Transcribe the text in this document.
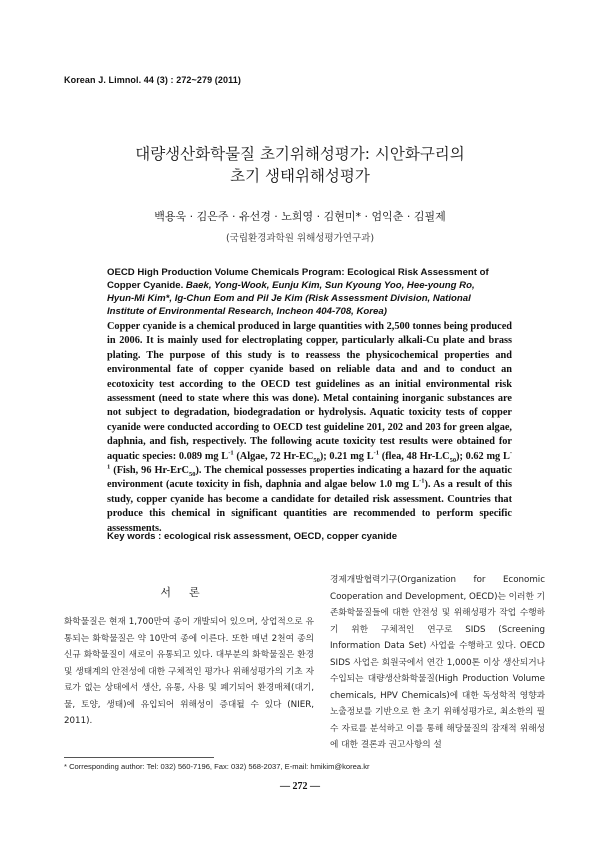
Korean J. Limnol. 44 (3) : 272~279 (2011)
대량생산화학물질 초기위해성평가: 시안화구리의
초기 생태위해성평가
백용욱 · 김은주 · 유선경 · 노희영 · 김현미* · 엄익춘 · 김필제
(국립환경과학원 위해성평가연구과)
OECD High Production Volume Chemicals Program: Ecological Risk Assessment of Copper Cyanide. Baek, Yong-Wook, Eunju Kim, Sun Kyoung Yoo, Hee-young Ro, Hyun-Mi Kim*, Ig-Chun Eom and Pil Je Kim (Risk Assessment Division, National Institute of Environmental Research, Incheon 404-708, Korea)
Copper cyanide is a chemical produced in large quantities with 2,500 tonnes being produced in 2006. It is mainly used for electroplating copper, particularly alkali-Cu plate and brass plating. The purpose of this study is to reassess the physicochemical properties and environmental fate of copper cyanide based on reliable data and and to conduct an ecotoxicity test according to the OECD test guidelines as an initial environmental risk assessment (need to state where this was done). Metal containing inorganic substances are not subject to degradation, biodegradation or hydrolysis. Aquatic toxicity tests of copper cyanide were conducted according to OECD test guideline 201, 202 and 203 for green algae, daphnia, and fish, respectively. The following acute toxicity test results were obtained for aquatic species: 0.089 mg $L^{-1}$ (Algae, 72 $Hr-EC_{50}$); 0.21 mg $L^{-1}$ (flea, 48 $Hr-LC_{50}$); 0.62 mg $L^{-1}$ (Fish, 96 Hr-ErC$_{50}$). The chemical possesses properties indicating a hazard for the aquatic environment (acute toxicity in fish, daphnia and algae below 1.0 mg $L^{-1}$). As a result of this study, copper cyanide has become a candidate for detailed risk assessment. Countries that produce this chemical in significant quantities are recommended to perform specific assessments.
Key words : ecological risk assessment, OECD, copper cyanide
서론
화학물질은 현재 1,700만여 종이 개발되어 있으며, 상업적으로 유통되는 화학물질은 약 10만여 종에 이른다. 또한 매년 2천여 종의 신규 화학물질이 새로이 유통되고 있다. 대부분의 화학물질은 환경 및 생태계의 안전성에 대한 구체적인 평가나 위해성평가의 기초 자료가 없는 상태에서 생산, 유통, 사용 및 폐기되어 환경매체(대기, 물, 토양, 생태)에 유입되어 위해성이 증대될 수 있다 (NIER, 2011).
경제개발협력기구(Organization for Economic Cooperation and Development, OECD)는 이러한 기존화학물질들에 대한 안전성 및 위해성평가 작업 수행하기 위한 구체적인 연구로 SIDS (Screening Information Data Set) 사업을 수행하고 있다. OECD SIDS 사업은 회원국에서 연간 1,000톤 이상 생산되거나 수입되는 대량생산화학물질(High Production Volume chemicals, HPV Chemicals)에 대한 독성학적 영향과 노출정보를 기반으로 한 초기 위해성평가로, 최소한의 필수 자료를 분석하고 이를 통해 해당물질의 잠재적 위해성에 대한 결론과 권고사항의 설
* Corresponding author: Tel: 032) 560-7196, Fax: 032) 568-2037, E-mail: hmikim@korea.kr
— 272 —
